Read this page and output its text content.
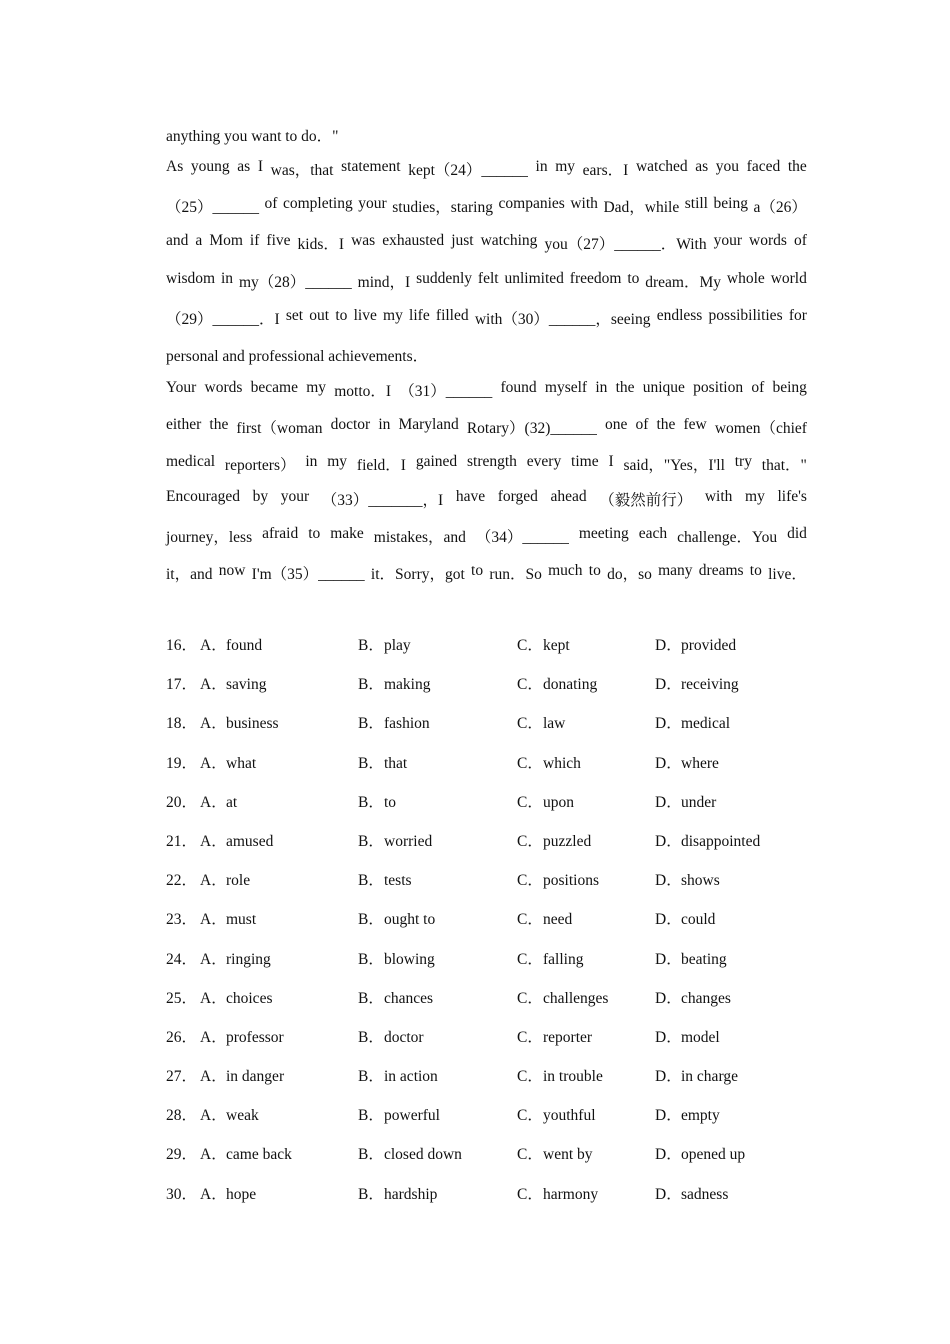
anything you want to do．"
As young as I was，that statement kept（24）______ in my ears．I watched as you faced the
（25）______ of completing your studies，staring companies with Dad，while still being a（26）
and a Mom if five kids．I was exhausted just watching you（27）______．With your words of
wisdom in my（28）______ mind，I suddenly felt unlimited freedom to dream．My whole world
（29）______．I set out to live my life filled with（30）______，seeing endless possibilities for
personal and professional achievements．
Your words became my motto．I （31）______ found myself in the unique position of being
either the first（woman doctor in Maryland Rotary）(32)______ one of the few women（chief
medical reporters） in my field．I gained strength every time I said，"Yes，I'll try that．"
Encouraged by your （33）_______，I have forged ahead （毅然前行） with my life's
journey，less afraid to make mistakes，and （34）______ meeting each challenge．You did
it，and now I'm（35）______ it．Sorry，got to run．So much to do，so many dreams to live．
16． A．found	B．play	C．kept	D．provided
17． A．saving	B．making	C．donating	D．receiving
18． A．business	B．fashion	C．law	D．medical
19． A．what	B．that	C．which	D．where
20． A．at	B．to	C．upon	D．under
21． A．amused	B．worried	C．puzzled	D．disappointed
22． A．role	B．tests	C．positions	D．shows
23． A．must	B．ought to	C．need	D．could
24． A．ringing	B．blowing	C．falling	D．beating
25． A．choices	B．chances	C．challenges	D．changes
26． A．professor	B．doctor	C．reporter	D．model
27． A．in danger	B．in action	C．in trouble	D．in charge
28． A．weak	B．powerful	C．youthful	D．empty
29． A．came back	B．closed down	C．went by	D．opened up
30． A．hope	B．hardship	C．harmony	D．sadness
